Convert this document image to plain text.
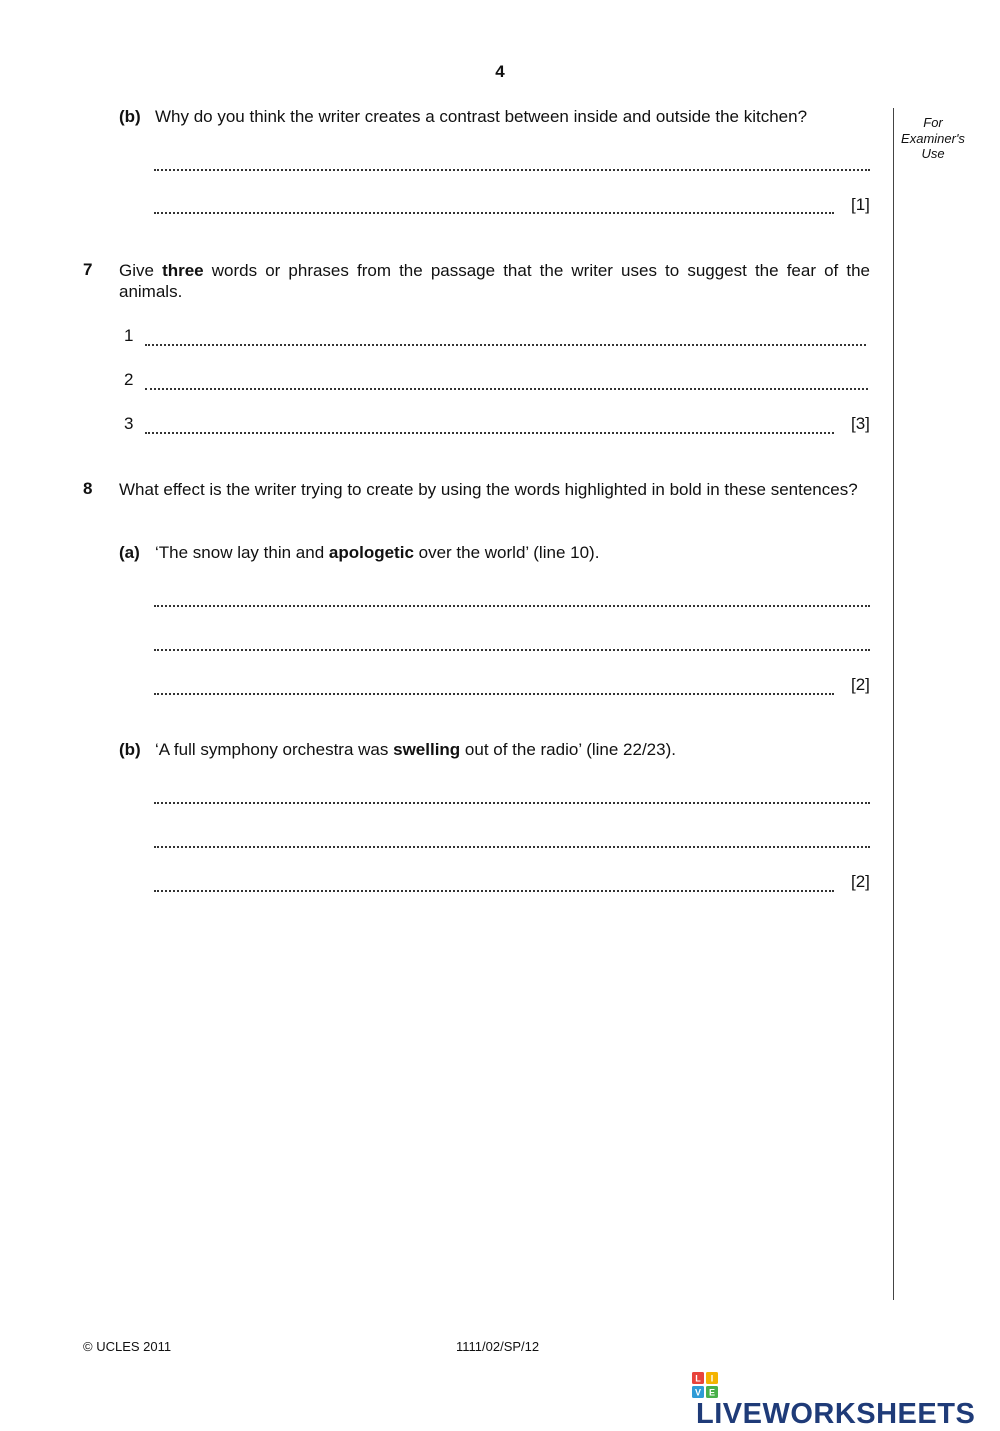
4
For
Examiner's
Use
(b) Why do you think the writer creates a contrast between inside and outside the kitchen?
[1]
7 Give three words or phrases from the passage that the writer uses to suggest the fear of the animals.
1
2
3	[3]
8 What effect is the writer trying to create by using the words highlighted in bold in these sentences?
(a) ‘The snow lay thin and apologetic over the world’ (line 10).
[2]
(b) ‘A full symphony orchestra was swelling out of the radio’ (line 22/23).
[2]
© UCLES 2011	1111/02/SP/12
L I
V E
LIVEWORKSHEETS
